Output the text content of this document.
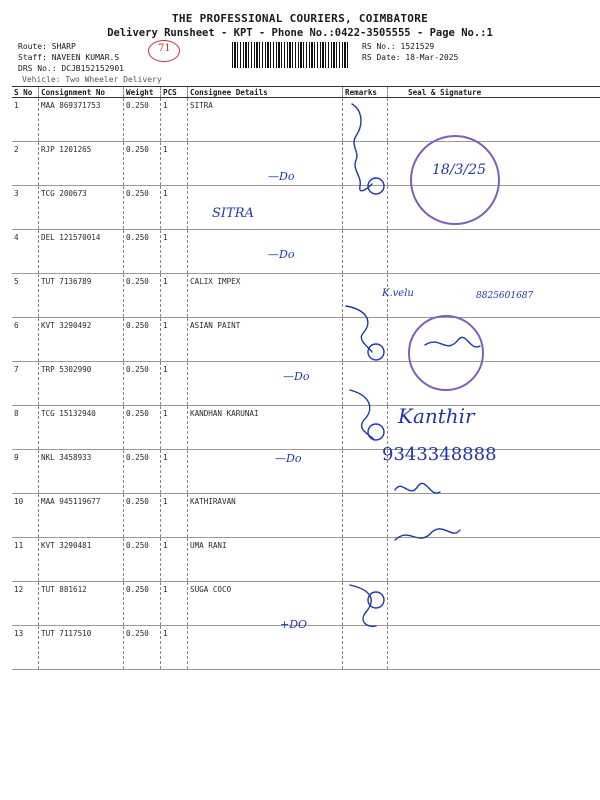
THE PROFESSIONAL COURIERS, COIMBATORE
Delivery Runsheet - KPT - Phone No.:0422-3505555 - Page No.:1
Route: SHARP
Staff: NAVEEN KUMAR.S
DRS No.: DCJB152152901
Vehicle: Two Wheeler Delivery
RS No.: 1521529
RS Date: 18-Mar-2025
71
S No	Consignment No	Weight	PCS	Consignee Details	Remarks	Seal & Signature
1	MAA 869371753	0.250	1	SITRA		
2	RJP 1201265	0.250	1			
3	TCG 200673	0.250	1			
4	DEL 121570014	0.250	1			
5	TUT 7136789	0.250	1	CALIX IMPEX		
6	KVT 3290492	0.250	1	ASIAN PAINT		
7	TRP 5302990	0.250	1			
8	TCG 15132940	0.250	1	KANDHAN KARUNAI		
9	NKL 3458933	0.250	1			
10	MAA 945119677	0.250	1	KATHIRAVAN		
11	KVT 3290481	0.250	1	UMA RANI		
12	TUT 881612	0.250	1	SUGA COCO		
13	TUT 7117510	0.250	1			
18/3/25
—Do
SITRA
—Do
K.velu	8825601687
—Do
Kanthir
9343348888
—Do
+DO
